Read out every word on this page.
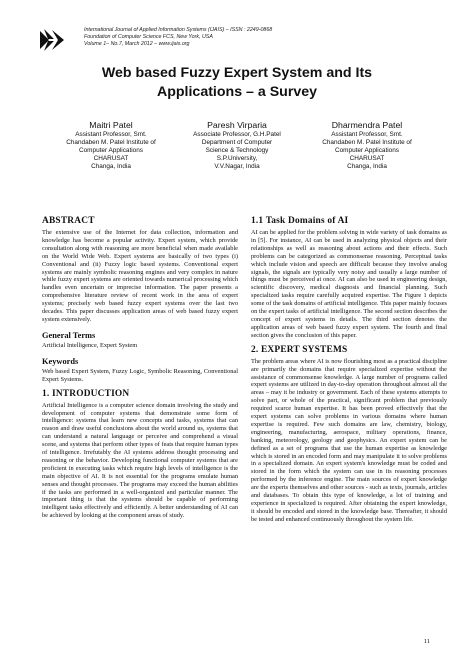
International Journal of Applied Information Systems (IJAIS) – ISSN : 2249-0868
Foundation of Computer Science FCS, New York, USA
Volume 1– No.7, March 2012 – www.ijais.org
Web based Fuzzy Expert System and Its
Applications – a Survey
Maitri Patel
Assistant Professor, Smt.
Chandaben M. Patel Institute of
Computer Applications
CHARUSAT
Changa, India
Paresh Virparia
Associate Professor, G.H.Patel
Department of Computer
Science & Technology
S.P.University,
V.V.Nagar, India
Dharmendra Patel
Assistant Professor, Smt.
Chandaben M. Patel Institute of
Computer Applications
CHARUSAT
Changa, India
ABSTRACT

The extensive use of the Internet for data collection, information and knowledge has become a popular activity. Expert system, which provide consultation along with reasoning are more beneficial when made available on the World Wide Web. Expert systems are basically of two types (i) Conventional and (ii) Fuzzy logic based systems. Conventional expert systems are mainly symbolic reasoning engines and very complex in nature while fuzzy expert systems are oriented towards numerical processing which handles even uncertain or imprecise information. The paper presents a comprehensive literature review of recent work in the area of expert systems; precisely web based fuzzy expert systems over the last two decades. This paper discusses application areas of web based fuzzy expert system extensively.

General Terms

Artificial Intelligence, Expert System

Keywords

Web based Expert System, Fuzzy Logic, Symbolic Reasoning, Conventional Expert Systems.

1. INTRODUCTION

Artificial Intelligence is a computer science domain involving the study and development of computer systems that demonstrate some form of intelligence: systems that learn new concepts and tasks, systems that can reason and draw useful conclusions about the world around us, systems that can understand a natural language or perceive and comprehend a visual scene, and systems that perform other types of feats that require human types of intelligence. Irrefutably the AI systems address thought processing and reasoning or the behavior. Developing functional computer systems that are proficient in executing tasks which require high levels of intelligence is the main objective of AI. It is not essential for the programs emulate human senses and thought processes. The programs may exceed the human abilities if the tasks are performed in a well-organized and particular manner. The important thing is that the systems should be capable of performing intelligent tasks effectively and efficiently. A better understanding of AI can be achieved by looking at the component areas of study.

1.1 Task Domains of AI

AI can be applied for the problem solving in wide variety of task domains as in [5]. For instance, AI can be used in analyzing physical objects and their relationships as well as reasoning about actions and their effects. Such problems can be categorized as commonsense reasoning. Perceptual tasks which include vision and speech are difficult because they involve analog signals, the signals are typically very noisy and usually a large number of things must be perceived at once. AI can also be used in engineering design, scientific discovery, medical diagnosis and financial planning. Such specialized tasks require carefully acquired expertise. The Figure 1 depicts some of the task domains of artificial intelligence. This paper mainly focuses on the expert tasks of artificial intelligence. The second section describes the concept of expert systems in details. The third section denotes the application areas of web based fuzzy expert system. The fourth and final section gives the conclusion of this paper.

2. EXPERT SYSTEMS

The problem areas where AI is now flourishing most as a practical discipline are primarily the domains that require specialized expertise without the assistance of commonsense knowledge. A large number of programs called expert systems are utilized in day-to-day operation throughout almost all the areas – may it be industry or government. Each of these systems attempts to solve part, or whole of the practical, significant problem that previously required scarce human expertise. It has been proved effectively that the expert systems can solve problems in various domains where human expertise is required. Few such domains are law, chemistry, biology, engineering, manufacturing, aerospace, military operations, finance, banking, meteorology, geology and geophysics. An expert system can be defined as a set of programs that use the human expertise as knowledge which is stored in an encoded form and may manipulate it to solve problems in a specialized domain. An expert system's knowledge must be coded and stored in the form which the system can use in its reasoning processes performed by the inference engine. The main sources of expert knowledge are the experts themselves and other sources - such as texts, journals, articles and databases. To obtain this type of knowledge, a lot of training and experience in specialized is required. After obtaining the expert knowledge, it should be encoded and stored in the knowledge base. Thereafter, it should be tested and enhanced continuously throughout the system life.

11
